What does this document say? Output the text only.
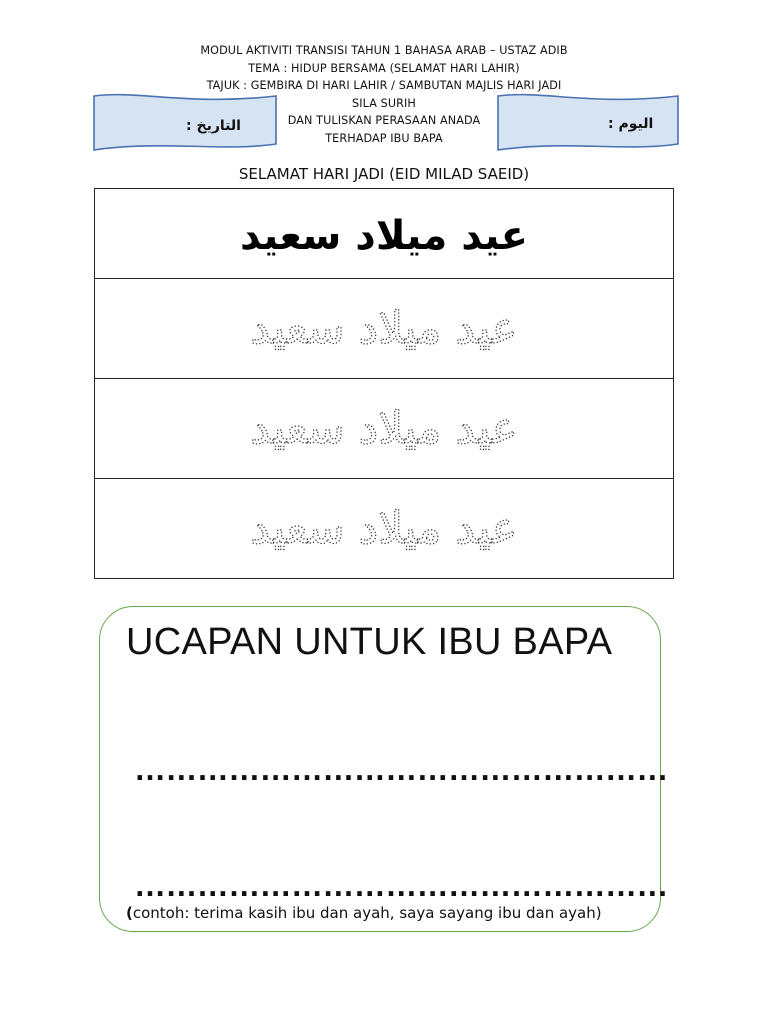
MODUL AKTIVITI TRANSISI TAHUN 1 BAHASA ARAB – USTAZ ADIB
TEMA : HIDUP BERSAMA (SELAMAT HARI LAHIR)
TAJUK : GEMBIRA DI HARI LAHIR / SAMBUTAN MAJLIS HARI JADI
SILA SURIH
DAN TULISKAN PERASAAN ANADA
TERHADAP IBU BAPA
التاريخ :	اليوم :
SELAMAT HARI JADI (EID MILAD SAEID)
عيد ميلاد سعيد
عيد ميلاد سعيد
عيد ميلاد سعيد
عيد ميلاد سعيد
UCAPAN UNTUK IBU BAPA
……………………………………………
……………………………………………
(contoh: terima kasih ibu dan ayah, saya sayang ibu dan ayah)
